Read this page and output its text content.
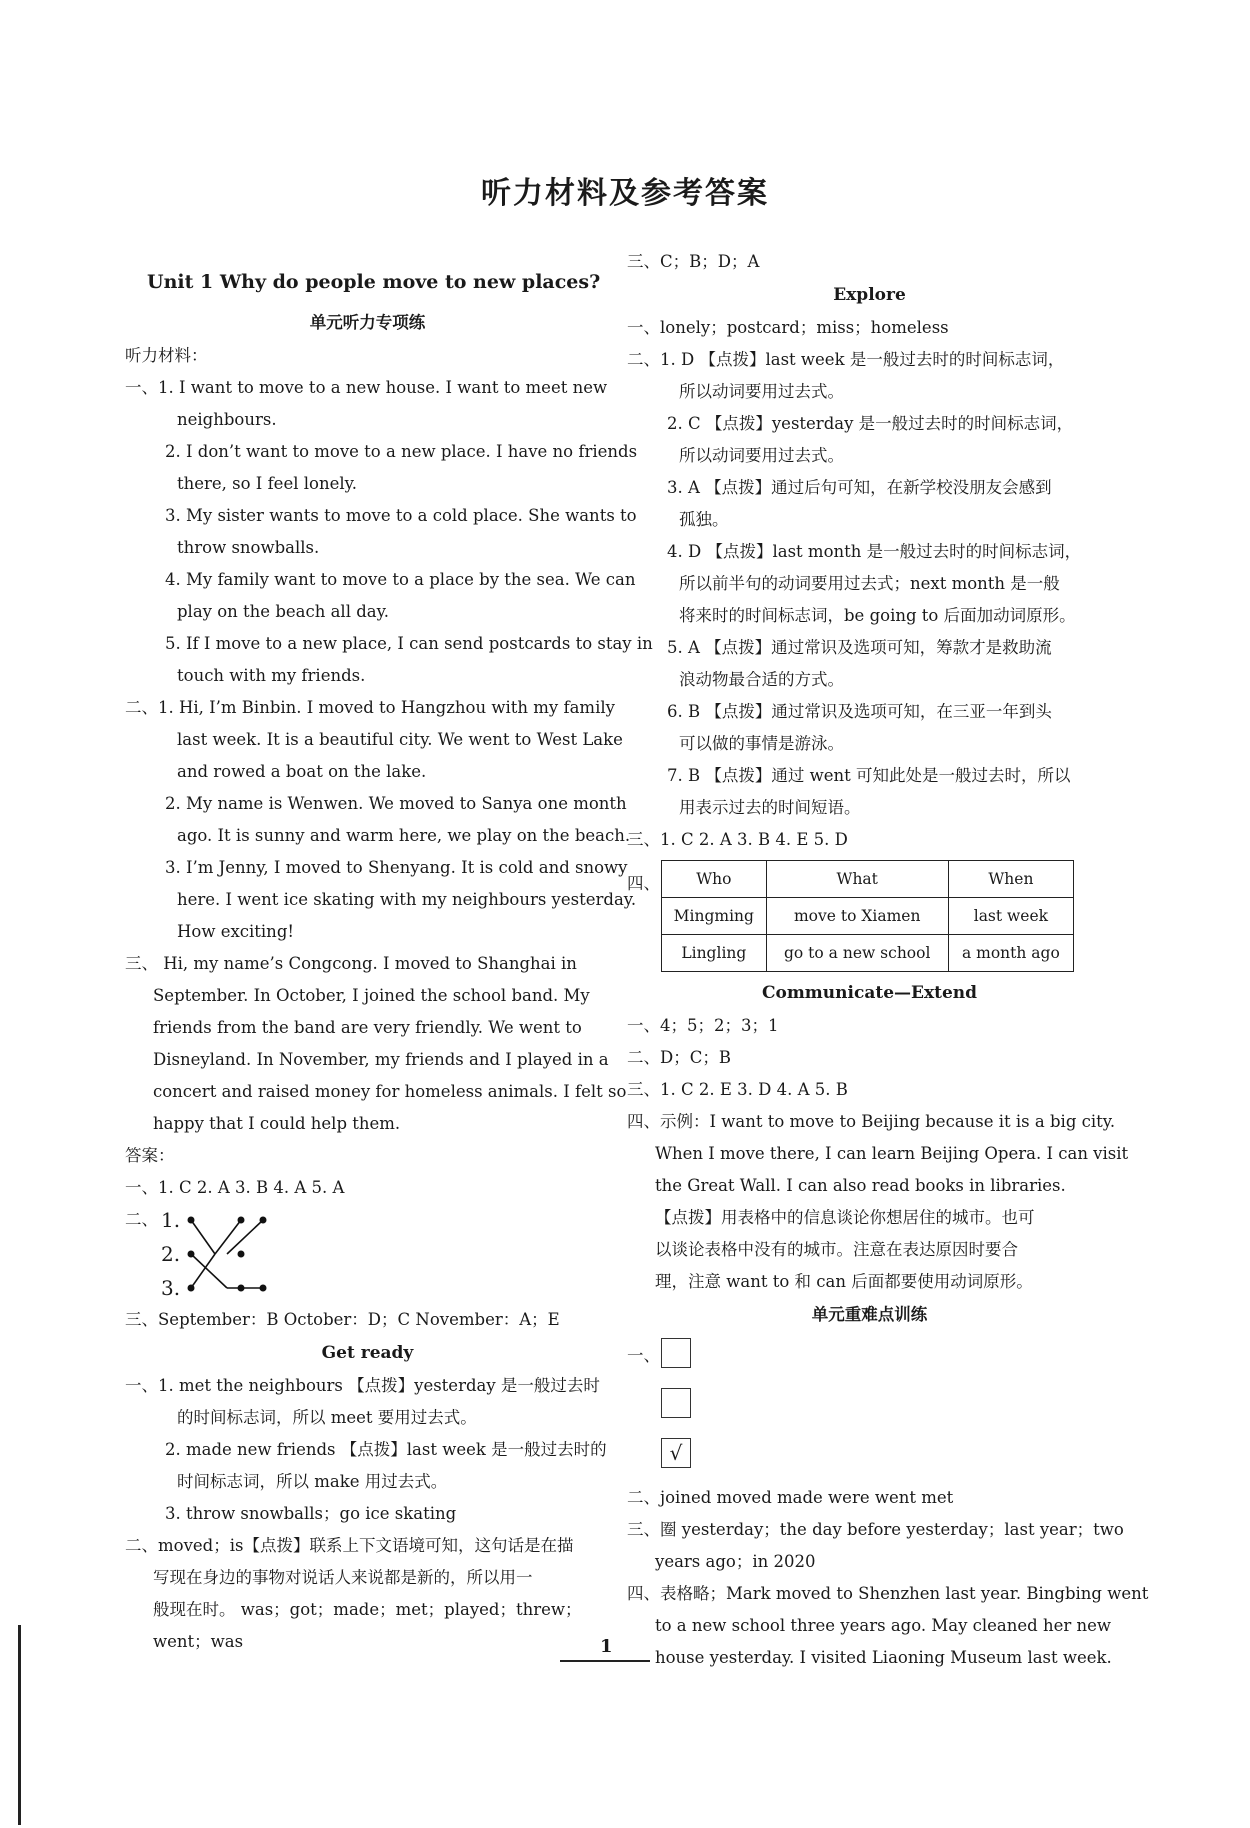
听力材料及参考答案
Unit 1 Why do people move to new places?
单元听力专项练
听力材料：
一、1. I want to move to a new house. I want to meet new
neighbours.
2. I don’t want to move to a new place. I have no friends
there, so I feel lonely.
3. My sister wants to move to a cold place. She wants to
throw snowballs.
4. My family want to move to a place by the sea. We can
play on the beach all day.
5. If I move to a new place, I can send postcards to stay in
touch with my friends.
二、1. Hi, I’m Binbin. I moved to Hangzhou with my family
last week. It is a beautiful city. We went to West Lake
and rowed a boat on the lake.
2. My name is Wenwen. We moved to Sanya one month
ago. It is sunny and warm here, we play on the beach.
3. I’m Jenny, I moved to Shenyang. It is cold and snowy
here. I went ice skating with my neighbours yesterday.
How exciting!
三、 Hi, my name’s Congcong. I moved to Shanghai in
September. In October, I joined the school band. My
friends from the band are very friendly. We went to
Disneyland. In November, my friends and I played in a
concert and raised money for homeless animals. I felt so
happy that I could help them.
答案：
一、1. C 2. A 3. B 4. A 5. A
二、 1.
2.
3.
三、September：B October：D；C November：A；E
Get ready
一、1. met the neighbours 【点拨】yesterday 是一般过去时
的时间标志词，所以 meet 要用过去式。
2. made new friends 【点拨】last week 是一般过去时的
时间标志词，所以 make 用过去式。
3. throw snowballs；go ice skating
二、moved；is【点拨】联系上下文语境可知，这句话是在描
写现在身边的事物对说话人来说都是新的，所以用一
般现在时。 was；got；made；met；played；threw；
went；was
三、C；B；D；A
Explore
一、lonely；postcard；miss；homeless
二、1. D 【点拨】last week 是一般过去时的时间标志词，
所以动词要用过去式。
2. C 【点拨】yesterday 是一般过去时的时间标志词，
所以动词要用过去式。
3. A 【点拨】通过后句可知，在新学校没朋友会感到
孤独。
4. D 【点拨】last month 是一般过去时的时间标志词，
所以前半句的动词要用过去式；next month 是一般
将来时的时间标志词，be going to 后面加动词原形。
5. A 【点拨】通过常识及选项可知，筹款才是救助流
浪动物最合适的方式。
6. B 【点拨】通过常识及选项可知，在三亚一年到头
可以做的事情是游泳。
7. B 【点拨】通过 went 可知此处是一般过去时，所以
用表示过去的时间短语。
三、1. C 2. A 3. B 4. E 5. D
四、 Who	What	When
Mingming	move to Xiamen	last week
Lingling	go to a new school	a month ago
Communicate—Extend
一、4；5；2；3；1
二、D；C；B
三、1. C 2. E 3. D 4. A 5. B
四、示例：I want to move to Beijing because it is a big city.
When I move there, I can learn Beijing Opera. I can visit
the Great Wall. I can also read books in libraries.
【点拨】用表格中的信息谈论你想居住的城市。也可
以谈论表格中没有的城市。注意在表达原因时要合
理，注意 want to 和 can 后面都要使用动词原形。
单元重难点训练
一、
√
二、joined moved made were went met
三、圈 yesterday；the day before yesterday；last year；two
years ago；in 2020
四、表格略；Mark moved to Shenzhen last year. Bingbing went
to a new school three years ago. May cleaned her new
house yesterday. I visited Liaoning Museum last week.
1
